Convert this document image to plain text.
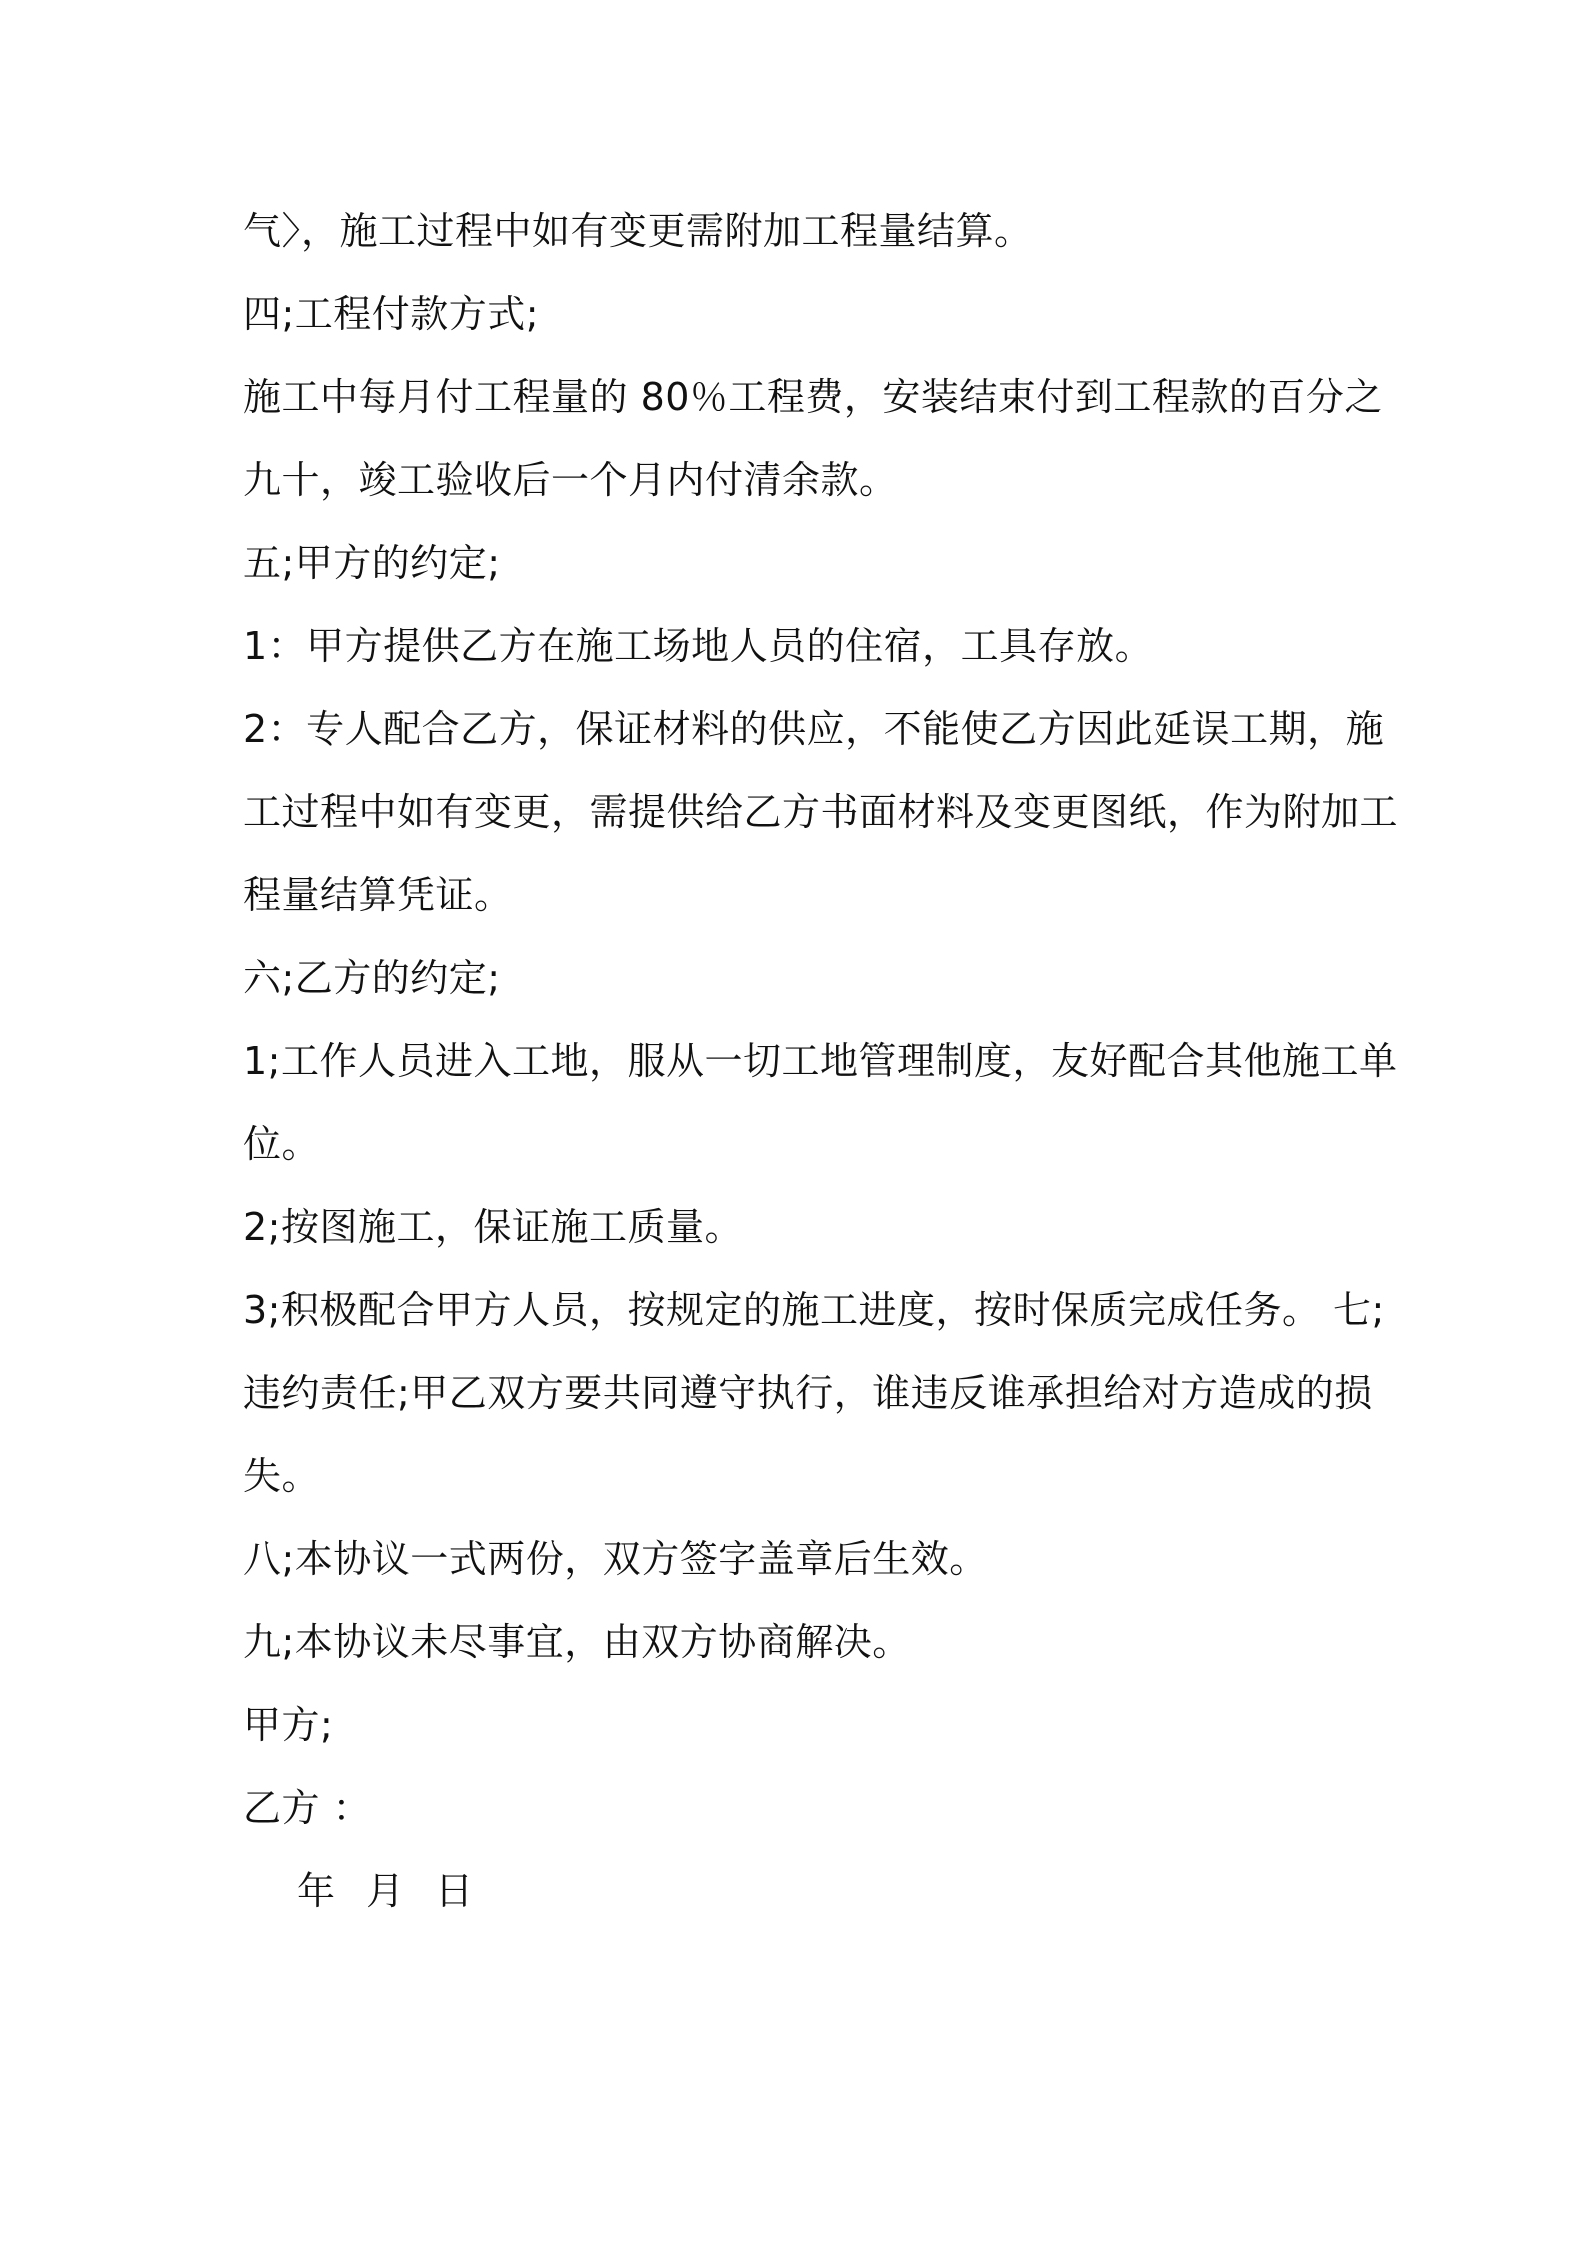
气〉，施工过程中如有变更需附加工程量结算。
四;工程付款方式;
施工中每月付工程量的 80％工程费，安装结束付到工程款的百分之
九十，竣工验收后一个月内付清余款。
五;甲方的约定;
1：甲方提供乙方在施工场地人员的住宿，工具存放。
2：专人配合乙方，保证材料的供应，不能使乙方因此延误工期，施
工过程中如有变更，需提供给乙方书面材料及变更图纸，作为附加工
程量结算凭证。
六;乙方的约定;
1;工作人员进入工地，服从一切工地管理制度，友好配合其他施工单
位。
2;按图施工，保证施工质量。
3;积极配合甲方人员，按规定的施工进度，按时保质完成任务。 七;
违约责任;甲乙双方要共同遵守执行，谁违反谁承担给对方造成的损
失。
八;本协议一式两份，双方签字盖章后生效。
九;本协议未尽事宜，由双方协商解决。
甲方;
乙方 ：
年 月 日
